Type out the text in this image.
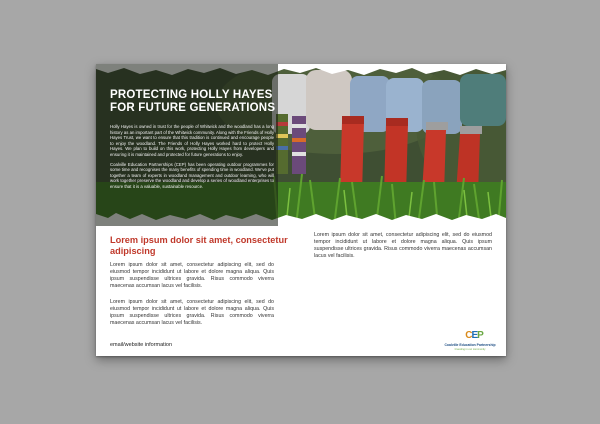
PROTECTING HOLLY HAYES FOR FUTURE GENERATIONS

Holly Hayes is owned in trust for the people of Whitwick and the woodland has a long history as an important part of the Whitwick community. Along with the Friends of Holly Hayes Trust, we want to ensure that this tradition is continued and encourage people to enjoy the woodland. The Friends of Holly Hayes worked hard to protect Holly Hayes. We plan to build on this work, protecting Holly Hayes from developers and ensuring it is maintained and protected for future generations to enjoy.

Coalville Education Partnerships (CEP) has been operating outdoor programmes for some time and recognises the many benefits of spending time in woodland. We've put together a team of experts in woodland management and outdoor learning, who will work together preserve the woodland and develop a series of woodland enterprises to ensure that it is a valuable, sustainable resource.

Lorem ipsum dolor sit amet, consectetur adipiscing

Lorem ipsum dolor sit amet, consectetur adipiscing elit, sed do eiusmod tempor incididunt ut labore et dolore magna aliqua. Quis ipsum suspendisse ultrices gravida. Risus commodo viverra maecenas accumsan lacus vel facilisis.

Lorem ipsum dolor sit amet, consectetur adipiscing elit, sed do eiusmod tempor incididunt ut labore et dolore magna aliqua. Quis ipsum suspendisse ultrices gravida. Risus commodo viverra maecenas accumsan lacus vel facilisis.

email/website information
Lorem ipsum dolor sit amet, consectetur adipiscing elit, sed do eiusmod tempor incididunt ut labore et dolore magna aliqua. Quis ipsum suspendisse ultrices gravida. Risus commodo viverra maecenas accumsan lacus vel facilisis.
CEP
Coalville Education Partnership
Investing in our community
